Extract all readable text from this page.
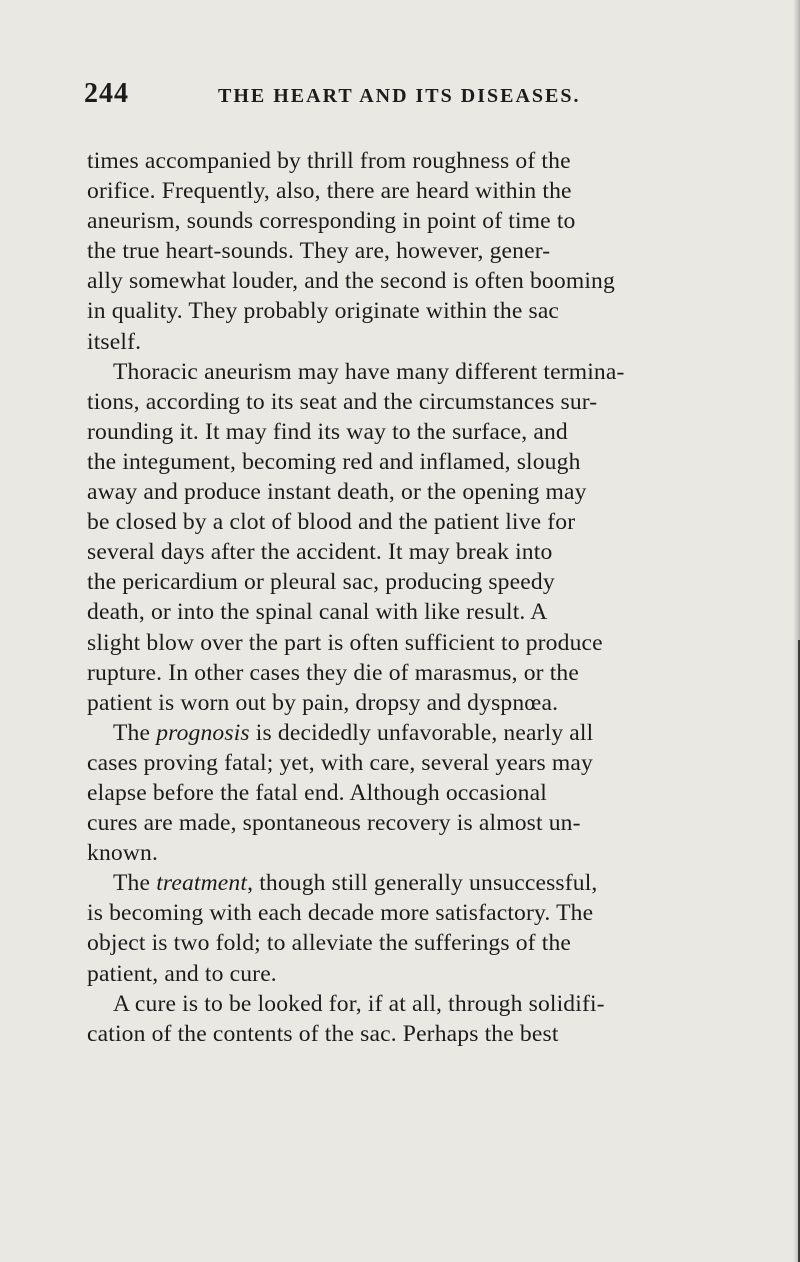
244	THE HEART AND ITS DISEASES.
times accompanied by thrill from roughness of the
orifice. Frequently, also, there are heard within the
aneurism, sounds corresponding in point of time to
the true heart-sounds. They are, however, gener-
ally somewhat louder, and the second is often booming
in quality. They probably originate within the sac
itself.
Thoracic aneurism may have many different termina-
tions, according to its seat and the circumstances sur-
rounding it. It may find its way to the surface, and
the integument, becoming red and inflamed, slough
away and produce instant death, or the opening may
be closed by a clot of blood and the patient live for
several days after the accident. It may break into
the pericardium or pleural sac, producing speedy
death, or into the spinal canal with like result. A
slight blow over the part is often sufficient to produce
rupture. In other cases they die of marasmus, or the
patient is worn out by pain, dropsy and dyspnœa.
The prognosis is decidedly unfavorable, nearly all
cases proving fatal; yet, with care, several years may
elapse before the fatal end. Although occasional
cures are made, spontaneous recovery is almost un-
known.
The treatment, though still generally unsuccessful,
is becoming with each decade more satisfactory. The
object is two fold; to alleviate the sufferings of the
patient, and to cure.
A cure is to be looked for, if at all, through solidifi-
cation of the contents of the sac. Perhaps the best
